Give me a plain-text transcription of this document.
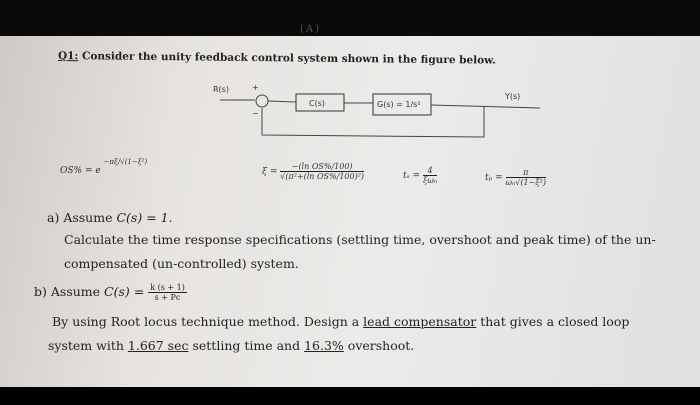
(A)
Q1: Consider the unity feedback control system shown in the figure below.
R(s)	+
C(s)	G(s) = 1/s²
Y(s)
−
OS% = e $^{-\pi\xi/√(1-\xi^2)}$
$\xi = \frac{\text{−(ln OS\%/100)}}{\text{√(π²+(ln OS\%/100)²)}}$	$t_s = \frac{4}{\text{ξωₙ}}$	$t_p = \frac{\pi}{\text{ωₙ√(1−ξ²)}}$
a) Assume C(s) = 1.
Calculate the time response specifications (settling time, overshoot and peak time) of the un-
compensated (un-controlled) system.
b) Assume $C(s) = \frac{k (s + 1)}{s + Pc}$
By using Root locus technique method. Design a lead compensator that gives a closed loop
system with 1.667 sec settling time and 16.3% overshoot.
